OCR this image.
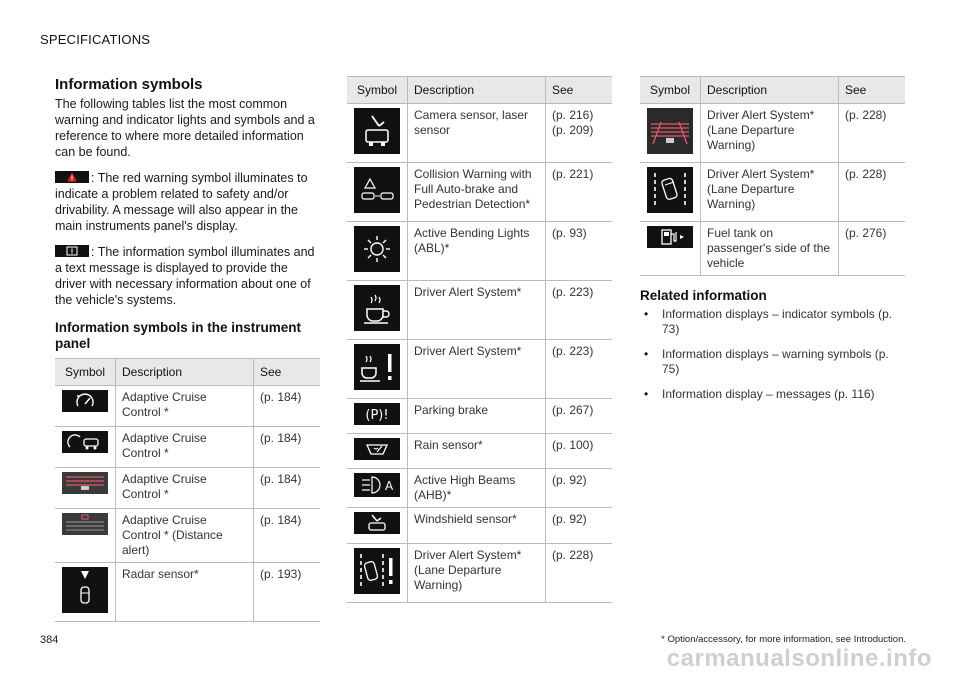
SPECIFICATIONS
Information symbols

The following tables list the most common warning and indicator lights and symbols and a reference to where more detailed information can be found.

: The red warning symbol illuminates to indicate a problem related to safety and/or drivability. A message will also appear in the main instruments panel's display.

: The information symbol illuminates and a text message is displayed to provide the driver with necessary information about one of the vehicle's systems.

Information symbols in the instrument panel
Symbol	Description	See

	Adaptive Cruise Control *	(p. 184)

	Adaptive Cruise Control *	(p. 184)

	Adaptive Cruise Control *	(p. 184)

	Adaptive Cruise Control * (Distance alert)	(p. 184)

	Radar sensor*	(p. 193)
Symbol	Description	See

	Camera sensor, laser sensor	(p. 216)
(p. 209)

	Collision Warning with Full Auto-brake and Pedestrian Detection*	(p. 221)

	Active Bending Lights (ABL)*	(p. 93)

	Driver Alert System*	(p. 223)

	Driver Alert System*	(p. 223)

(P)!	Parking brake	(p. 267)

	Rain sensor*	(p. 100)

A	Active High Beams (AHB)*	(p. 92)

	Windshield sensor*	(p. 92)

	Driver Alert System* (Lane Departure Warning)	(p. 228)
Symbol	Description	See

	Driver Alert System* (Lane Departure Warning)	(p. 228)

	Driver Alert System* (Lane Departure Warning)	(p. 228)

	Fuel tank on passenger's side of the vehicle	(p. 276)
Related information
• Information displays – indicator symbols (p. 73)
• Information displays – warning symbols (p. 75)
• Information display – messages (p. 116)
384	* Option/accessory, for more information, see Introduction.
carmanualsonline.info
